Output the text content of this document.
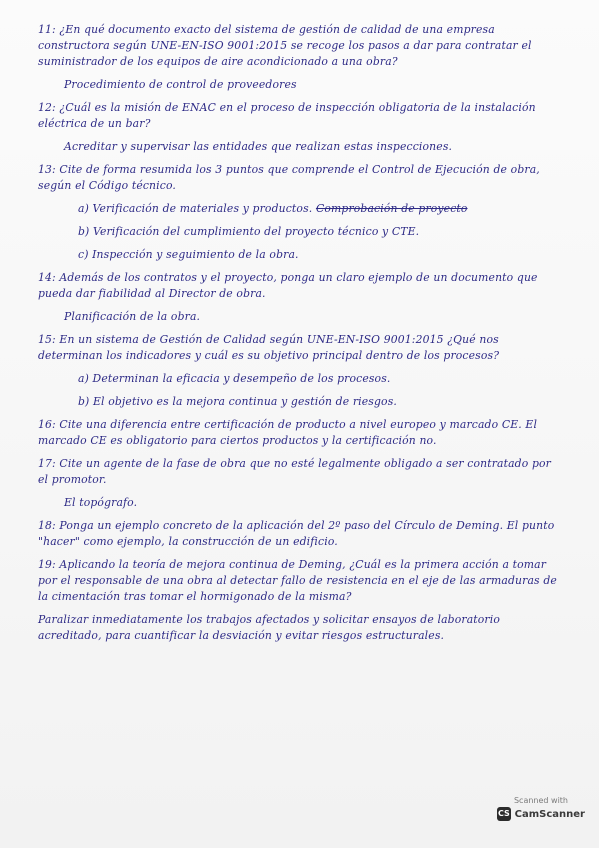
11: ¿En qué documento exacto del sistema de gestión de calidad de una empresa constructora según UNE-EN-ISO 9001:2015 se recoge los pasos a dar para contratar el suministrador de los equipos de aire acondicionado a una obra?
Procedimiento de control de proveedores
12: ¿Cuál es la misión de ENAC en el proceso de inspección obligatoria de la instalación eléctrica de un bar?
Acreditar y supervisar las entidades que realizan estas inspecciones.
13: Cite de forma resumida los 3 puntos que comprende el Control de Ejecución de obra, según el Código técnico.
a) Verificación de materiales y productos. Comprobación de proyecto
b) Verificación del cumplimiento del proyecto técnico y CTE.
c) Inspección y seguimiento de la obra.
14: Además de los contratos y el proyecto, ponga un claro ejemplo de un documento que pueda dar fiabilidad al Director de obra.
Planificación de la obra.
15: En un sistema de Gestión de Calidad según UNE-EN-ISO 9001:2015 ¿Qué nos determinan los indicadores y cuál es su objetivo principal dentro de los procesos?
a) Determinan la eficacia y desempeño de los procesos.
b) El objetivo es la mejora continua y gestión de riesgos.
16: Cite una diferencia entre certificación de producto a nivel europeo y marcado CE. El marcado CE es obligatorio para ciertos productos y la certificación no.
17: Cite un agente de la fase de obra que no esté legalmente obligado a ser contratado por el promotor.
El topógrafo.
18: Ponga un ejemplo concreto de la aplicación del 2º paso del Círculo de Deming. El punto "hacer" como ejemplo, la construcción de un edificio.
19: Aplicando la teoría de mejora continua de Deming, ¿Cuál es la primera acción a tomar por el responsable de una obra al detectar fallo de resistencia en el eje de las armaduras de la cimentación tras tomar el hormigonado de la misma?
Paralizar inmediatamente los trabajos afectados y solicitar ensayos de laboratorio acreditado, para cuantificar la desviación y evitar riesgos estructurales.
Scanned with
CS CamScanner
